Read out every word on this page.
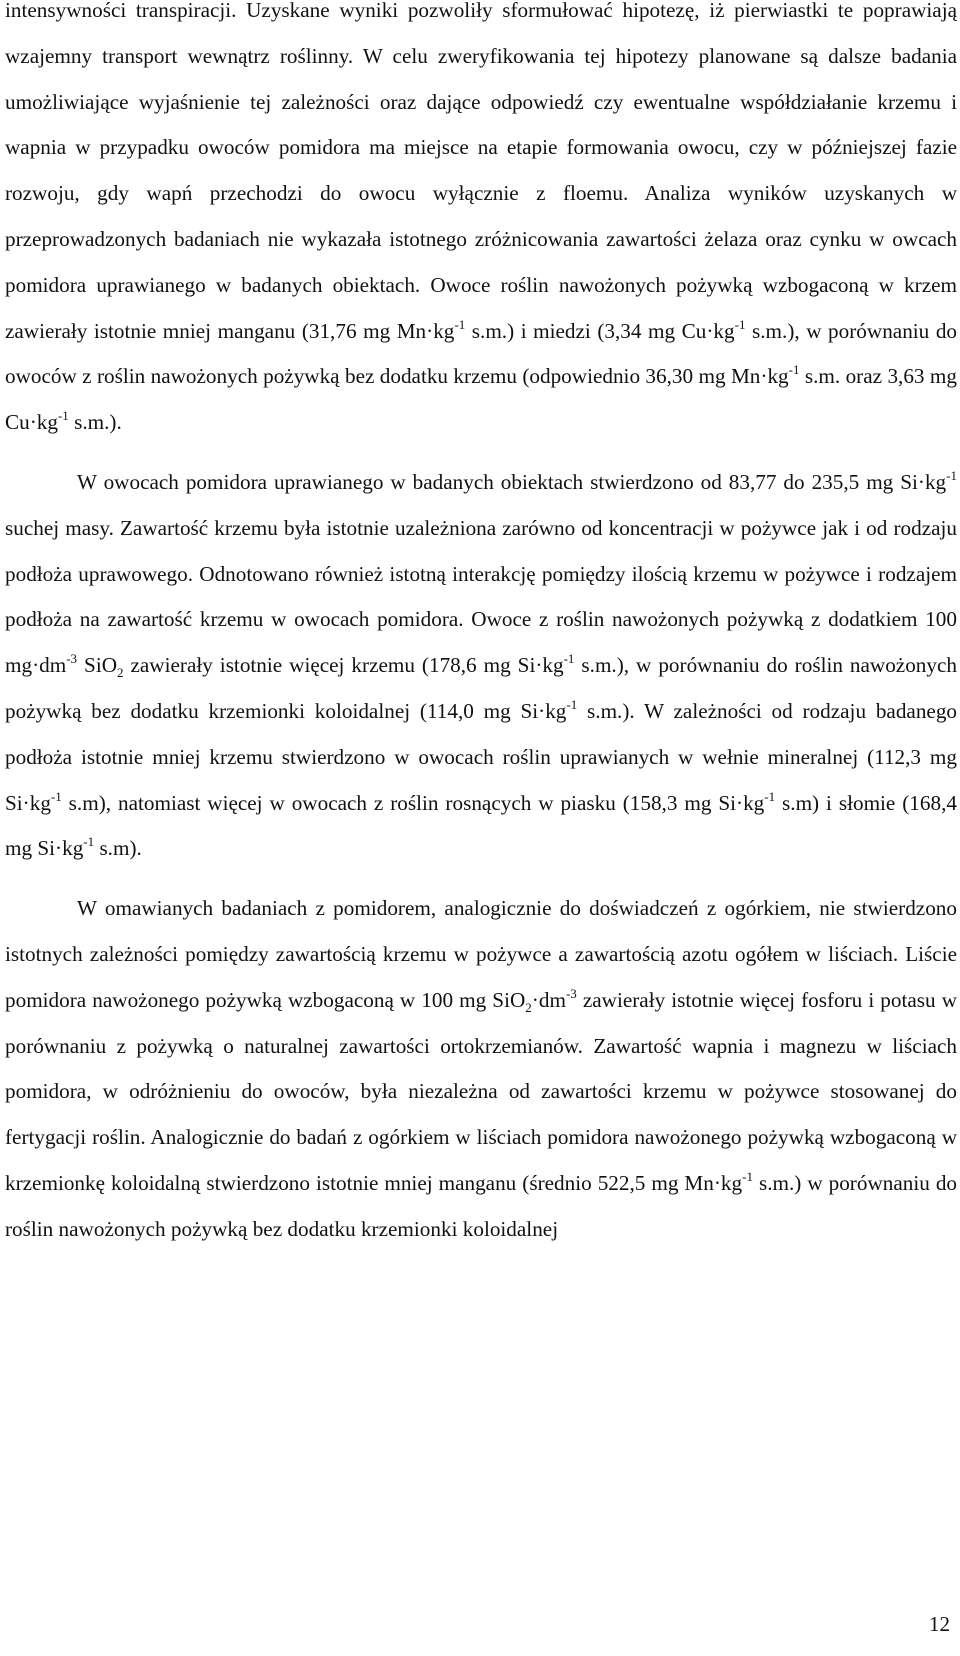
intensywności transpiracji. Uzyskane wyniki pozwoliły sformułować hipotezę, iż pierwiastki te poprawiają wzajemny transport wewnątrz roślinny. W celu zweryfikowania tej hipotezy planowane są dalsze badania umożliwiające wyjaśnienie tej zależności oraz dające odpowiedź czy ewentualne współdziałanie krzemu i wapnia w przypadku owoców pomidora ma miejsce na etapie formowania owocu, czy w późniejszej fazie rozwoju, gdy wapń przechodzi do owocu wyłącznie z floemu. Analiza wyników uzyskanych w przeprowadzonych badaniach nie wykazała istotnego zróżnicowania zawartości żelaza oraz cynku w owcach pomidora uprawianego w badanych obiektach. Owoce roślin nawożonych pożywką wzbogaconą w krzem zawierały istotnie mniej manganu (31,76 mg $Mn\cdot kg^{-1}$ s.m.) i miedzi (3,34 mg $Cu\cdot kg^{-1}$ s.m.), w porównaniu do owoców z roślin nawożonych pożywką bez dodatku krzemu (odpowiednio 36,30 mg $Mn\cdot kg^{-1}$ s.m. oraz 3,63 mg $Cu\cdot kg^{-1}$ s.m.).

W owocach pomidora uprawianego w badanych obiektach stwierdzono od 83,77 do 235,5 mg $Si\cdot kg^{-1}$ suchej masy. Zawartość krzemu była istotnie uzależniona zarówno od koncentracji w pożywce jak i od rodzaju podłoża uprawowego. Odnotowano również istotną interakcję pomiędzy ilością krzemu w pożywce i rodzajem podłoża na zawartość krzemu w owocach pomidora. Owoce z roślin nawożonych pożywką z dodatkiem 100 $mg\cdot dm^{-3}$ SiO$_2$ zawierały istotnie więcej krzemu (178,6 mg $Si\cdot kg^{-1}$ s.m.), w porównaniu do roślin nawożonych pożywką bez dodatku krzemionki koloidalnej (114,0 mg $Si\cdot kg^{-1}$ s.m.). W zależności od rodzaju badanego podłoża istotnie mniej krzemu stwierdzono w owocach roślin uprawianych w wełnie mineralnej (112,3 mg $Si\cdot kg^{-1}$ s.m), natomiast więcej w owocach z roślin rosnących w piasku (158,3 mg $Si\cdot kg^{-1}$ s.m) i słomie (168,4 mg $Si\cdot kg^{-1}$ s.m).

W omawianych badaniach z pomidorem, analogicznie do doświadczeń z ogórkiem, nie stwierdzono istotnych zależności pomiędzy zawartością krzemu w pożywce a zawartością azotu ogółem w liściach. Liście pomidora nawożonego pożywką wzbogaconą w 100 mg $SiO_2\cdot dm^{-3}$ zawierały istotnie więcej fosforu i potasu w porównaniu z pożywką o naturalnej zawartości ortokrzemianów. Zawartość wapnia i magnezu w liściach pomidora, w odróżnieniu do owoców, była niezależna od zawartości krzemu w pożywce stosowanej do fertygacji roślin. Analogicznie do badań z ogórkiem w liściach pomidora nawożonego pożywką wzbogaconą w krzemionkę koloidalną stwierdzono istotnie mniej manganu (średnio 522,5 mg $Mn\cdot kg^{-1}$ s.m.) w porównaniu do roślin nawożonych pożywką bez dodatku krzemionki koloidalnej

12
